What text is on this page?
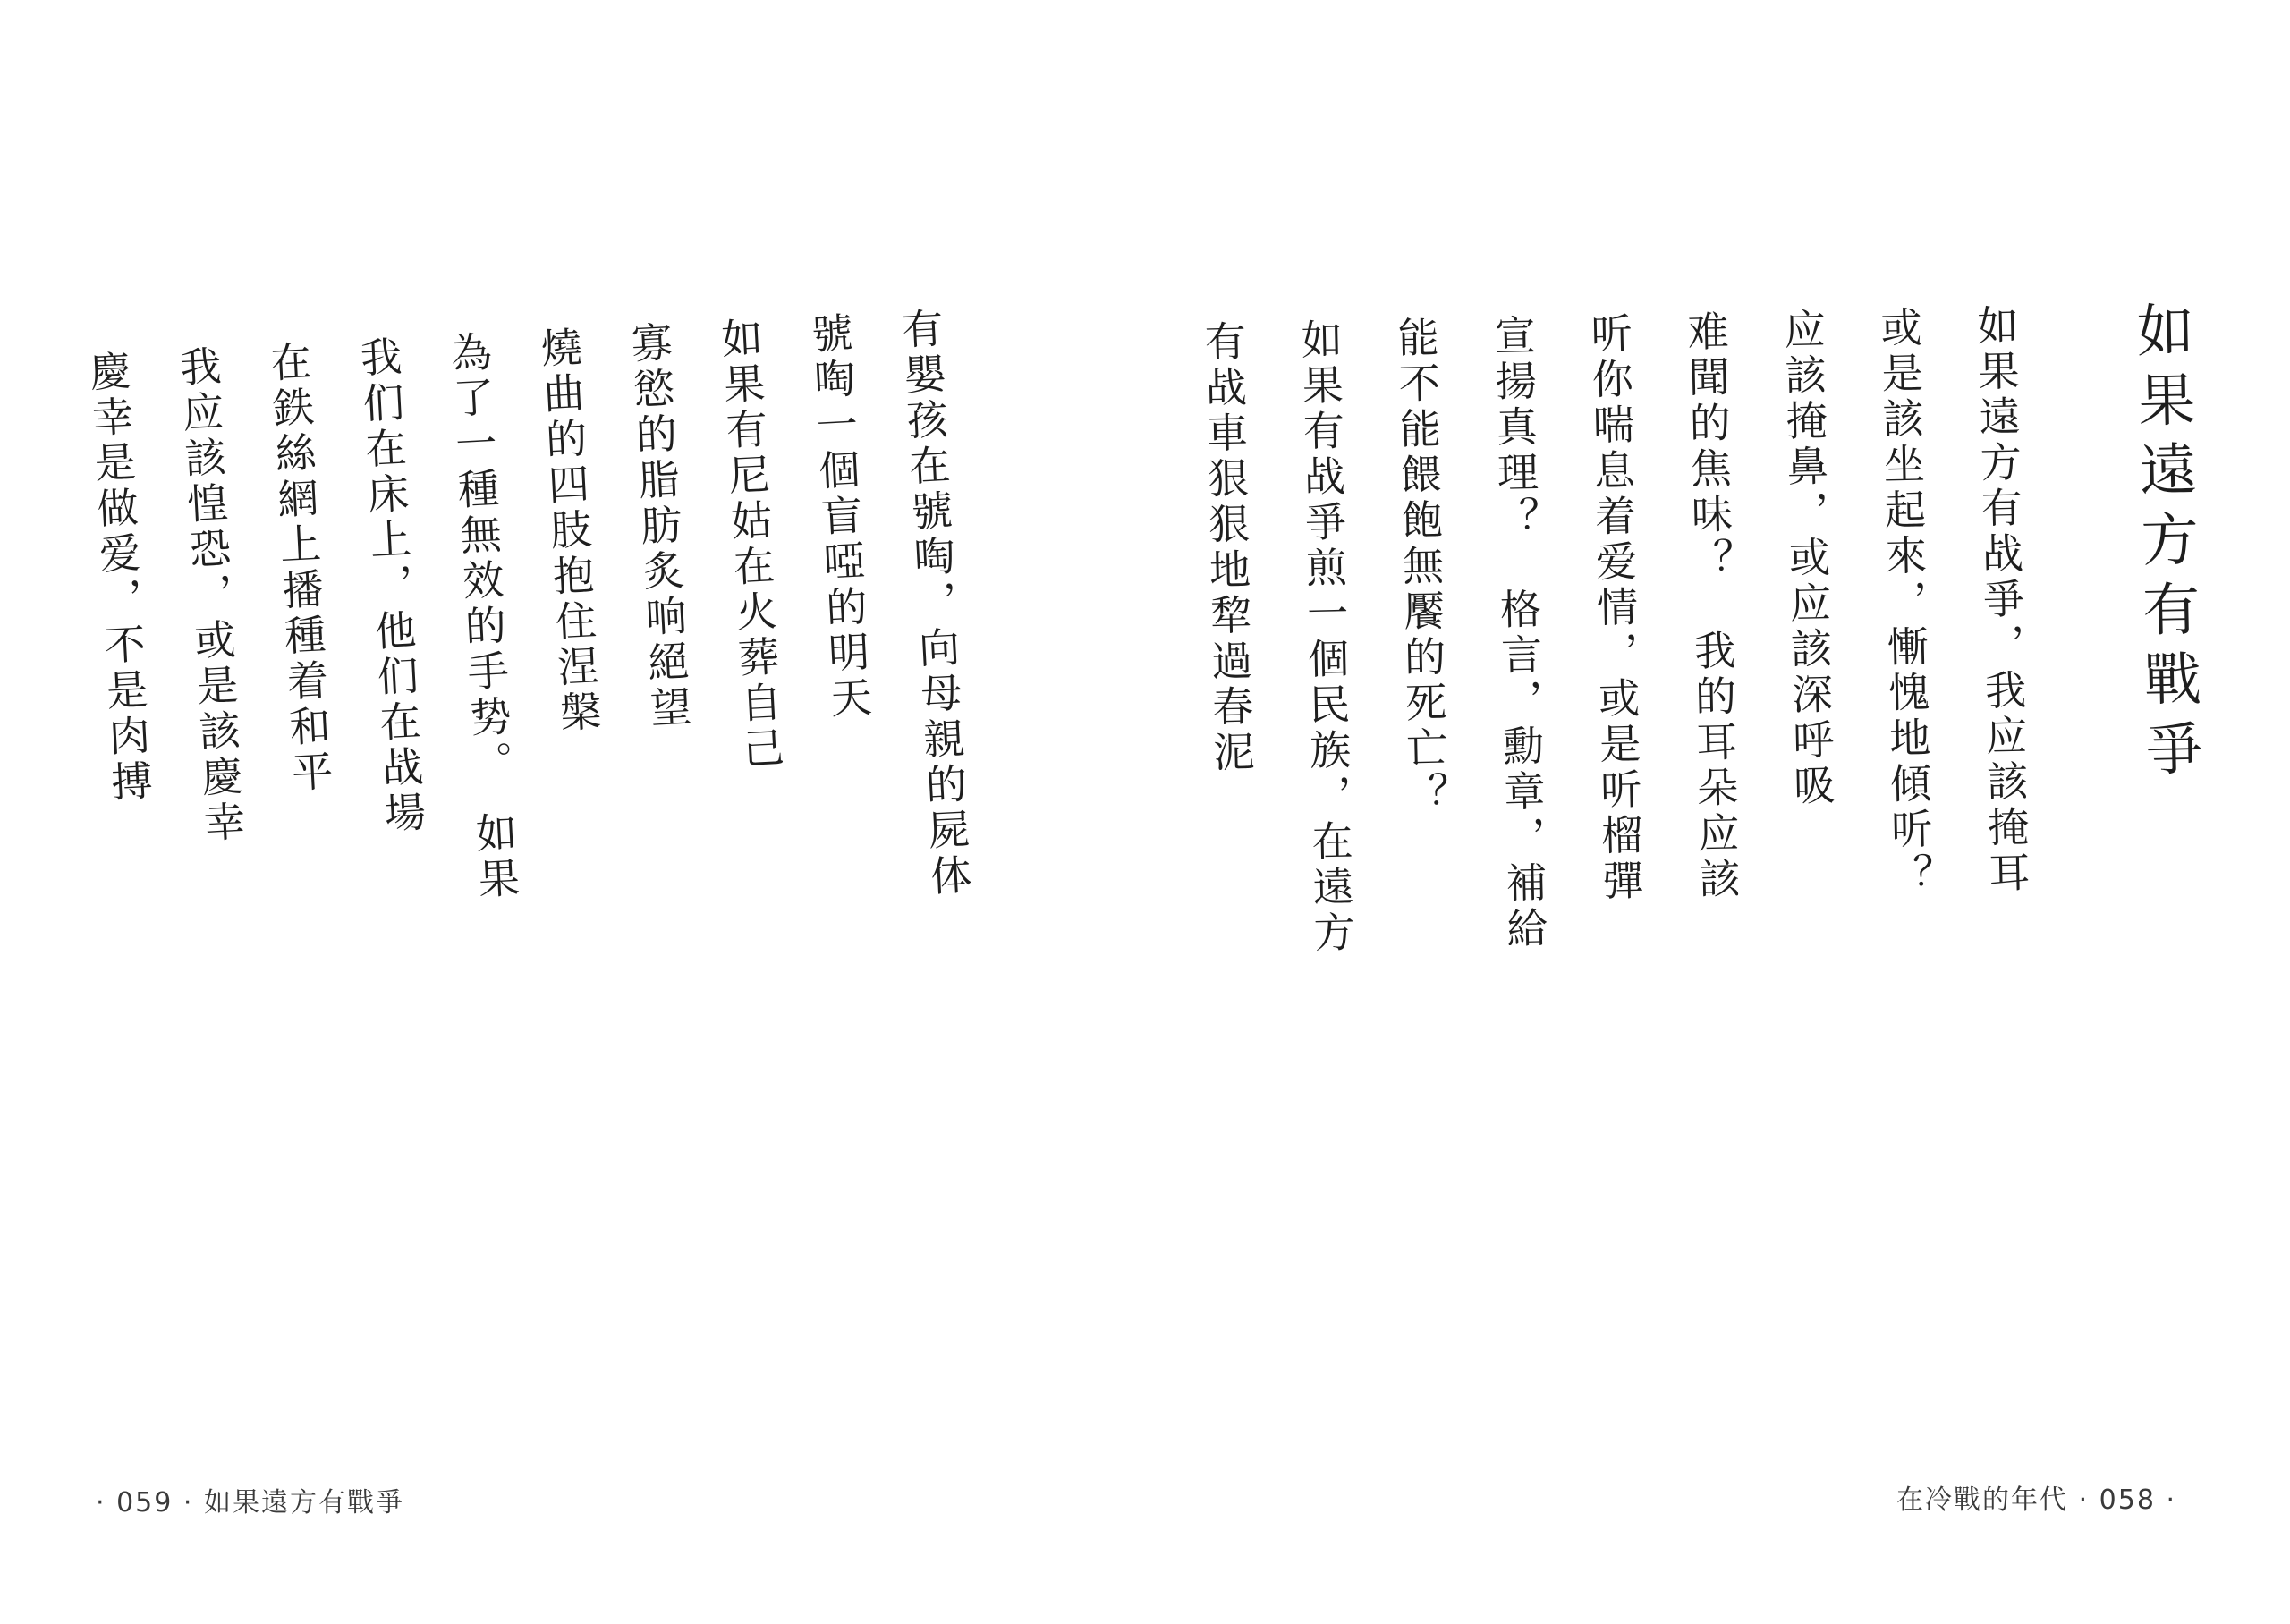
如果遠方有戰爭
如果遠方有战爭，我应該掩耳
或是該坐起來，慚愧地傾听？
应該掩鼻，或应該深呼吸
难聞的焦味？　我的耳朵应該
听你喘息着爱情，或是听榴彈
宣揚真理？　格言，勳章，補給
能不能餵飽無饜的死亡？
如果有战爭煎一個民族，在遠方
有战車狠狠地犂過春泥
在冷戰的年代 · 058 ·
有嬰孩在號啕，向母親的屍体
號啕一個盲啞的明天
如果有尼姑在火葬自己
寡慾的脂肪炙响絕望
燒曲的四肢抱住涅槃
為了一種無效的手势。　如果
我们在床上，他们在战場
在鉄絲網上播種着和平
我应該惶恐，或是該慶幸
慶幸是做爱，不是肉搏
· 059 · 如果遠方有戰爭
